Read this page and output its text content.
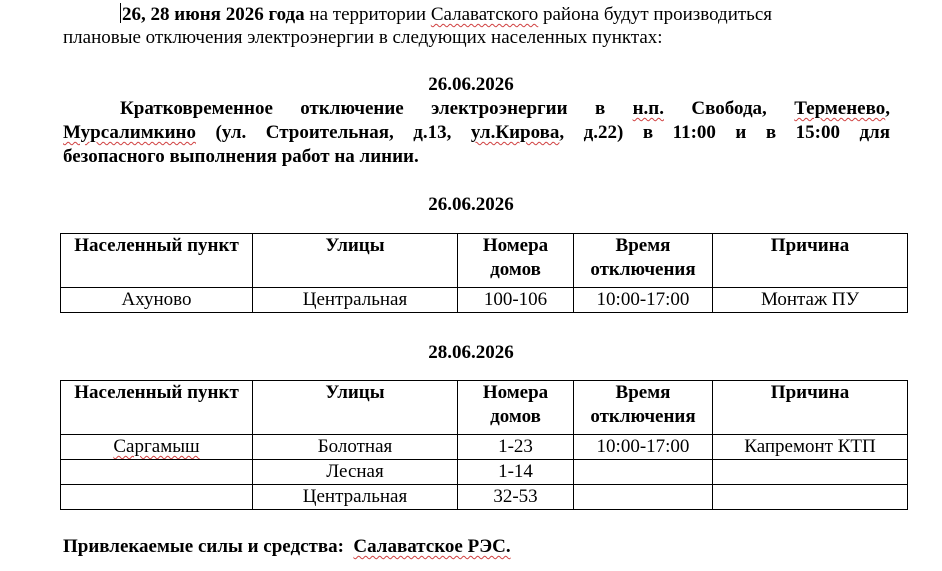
26, 28 июня 2026 года на территории Салаватского района будут производиться
плановые отключения электроэнергии в следующих населенных пунктах:
26.06.2026
Кратковременное отключение электроэнергии в н.п. Свобода, Терменево,
Мурсалимкино (ул. Строительная, д.13, ул.Кирова, д.22) в 11:00 и в 15:00 для
безопасного выполнения работ на линии.
26.06.2026
Населенный пункт	Улицы	Номера домов	Время отключения	Причина
Ахуново	Центральная	100-106	10:00-17:00	Монтаж ПУ
28.06.2026
Населенный пункт	Улицы	Номера домов	Время отключения	Причина
Саргамыш	Болотная	1-23	10:00-17:00	Капремонт КТП
	Лесная	1-14		
	Центральная	32-53		
Привлекаемые силы и средства: Салаватское РЭС.
